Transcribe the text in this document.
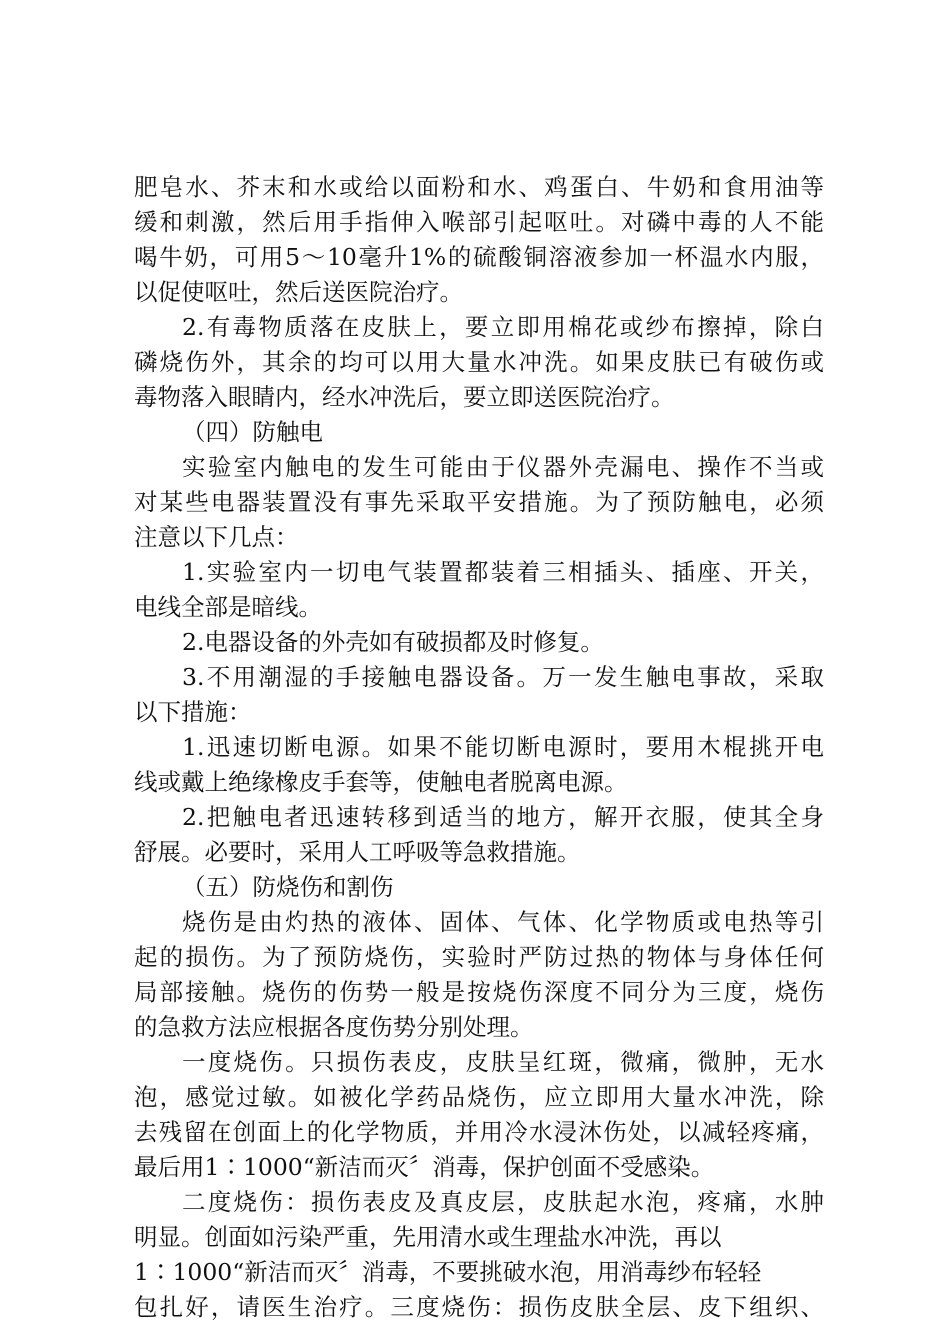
肥皂水、芥末和水或给以面粉和水、鸡蛋白、牛奶和食用油等
缓和刺激，然后用手指伸入喉部引起呕吐。对磷中毒的人不能
喝牛奶，可用5～10毫升1%的硫酸铜溶液参加一杯温水内服，
以促使呕吐，然后送医院治疗。
2.有毒物质落在皮肤上，要立即用棉花或纱布擦掉，除白
磷烧伤外，其余的均可以用大量水冲洗。如果皮肤已有破伤或
毒物落入眼睛内，经水冲洗后，要立即送医院治疗。
（四）防触电
实验室内触电的发生可能由于仪器外壳漏电、操作不当或
对某些电器装置没有事先采取平安措施。为了预防触电，必须
注意以下几点：
1.实验室内一切电气装置都装着三相插头、插座、开关，
电线全部是暗线。
2.电器设备的外壳如有破损都及时修复。
3.不用潮湿的手接触电器设备。万一发生触电事故，采取
以下措施：
1.迅速切断电源。如果不能切断电源时，要用木棍挑开电
线或戴上绝缘橡皮手套等，使触电者脱离电源。
2.把触电者迅速转移到适当的地方，解开衣服，使其全身
舒展。必要时，采用人工呼吸等急救措施。
（五）防烧伤和割伤
烧伤是由灼热的液体、固体、气体、化学物质或电热等引
起的损伤。为了预防烧伤，实验时严防过热的物体与身体任何
局部接触。烧伤的伤势一般是按烧伤深度不同分为三度，烧伤
的急救方法应根据各度伤势分别处理。
一度烧伤。只损伤表皮，皮肤呈红斑，微痛，微肿，无水
泡，感觉过敏。如被化学药品烧伤，应立即用大量水冲洗，除
去残留在创面上的化学物质，并用冷水浸沐伤处，以减轻疼痛，
最后用1∶1000“新洁而灭〞消毒，保护创面不受感染。
二度烧伤：损伤表皮及真皮层，皮肤起水泡，疼痛，水肿
明显。创面如污染严重，先用清水或生理盐水冲洗，再以
1∶1000“新洁而灭〞消毒，不要挑破水泡，用消毒纱布轻轻
包扎好，请医生治疗。三度烧伤：损伤皮肤全层、皮下组织、
